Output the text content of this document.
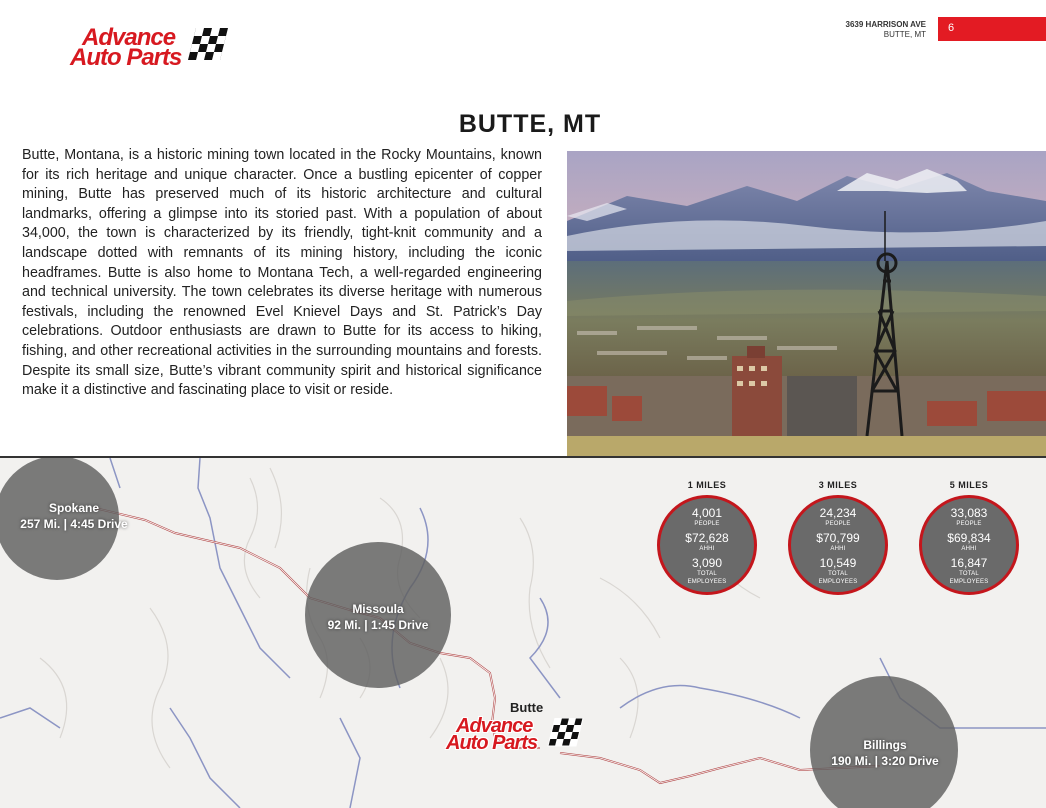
Advance
Auto Parts
3639 HARRISON AVE
BUTTE, MT
6
BUTTE, MT
Butte, Montana, is a historic mining town located in the Rocky Mountains, known for its rich heritage and unique character. Once a bustling epicenter of copper mining, Butte has preserved much of its historic architecture and cultural landmarks, offering a glimpse into its storied past. With a population of about 34,000, the town is characterized by its friendly, tight-knit community and a landscape dotted with remnants of its mining history, including the iconic headframes. Butte is also home to Montana Tech, a well-regarded engineering and technical university. The town celebrates its diverse heritage with numerous festivals, including the renowned Evel Knievel Days and St. Patrick’s Day celebrations. Outdoor enthusiasts are drawn to Butte for its access to hiking, fishing, and other recreational activities in the surrounding mountains and forests. Despite its small size, Butte’s vibrant community spirit and historical significance make it a distinctive and fascinating place to visit or reside.
Spokane
257 Mi. | 4:45 Drive
Missoula
92 Mi. | 1:45 Drive
Billings
190 Mi. | 3:20 Drive
Butte
Advance
Auto Parts
1 MILES
4,001
PEOPLE
$72,628
AHHI
3,090
TOTAL
EMPLOYEES
3 MILES
24,234
PEOPLE
$70,799
AHHI
10,549
TOTAL
EMPLOYEES
5 MILES
33,083
PEOPLE
$69,834
AHHI
16,847
TOTAL
EMPLOYEES
